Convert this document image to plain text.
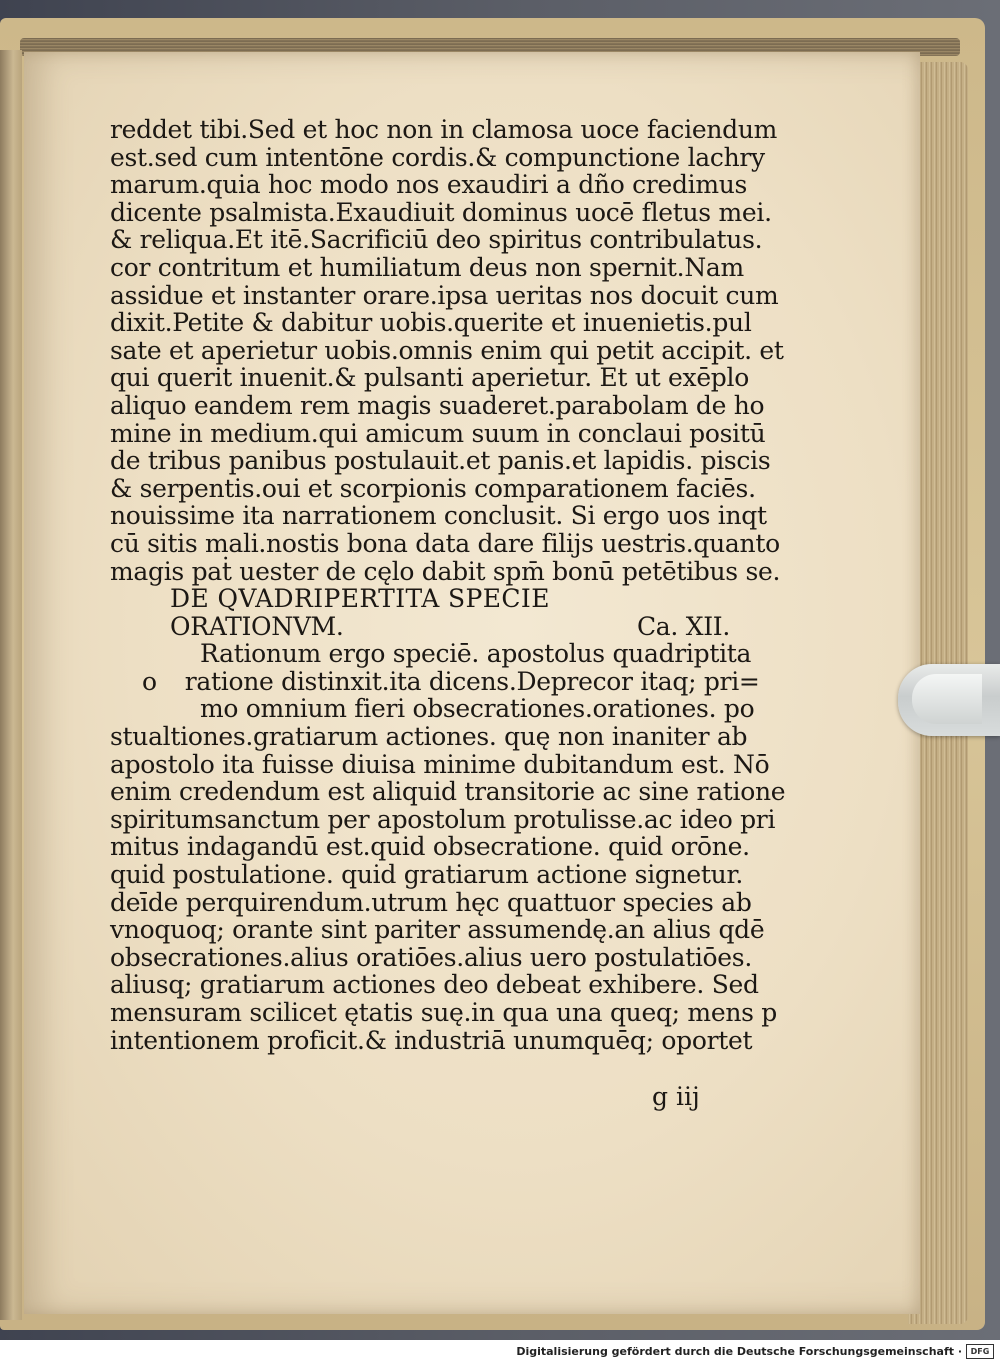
reddet tibi.Sed et hoc non in clamosa uoce faciendum
est.sed cum intentōne cordis.& compunctione lachry
marum.quia hoc modo nos exaudiri a dño credimus
dicente psalmista.Exaudiuit dominus uocē fletus mei.
& reliqua.Et itē.Sacrificiū deo spiritus contribulatus.
cor contritum et humiliatum deus non spernit.Nam
assidue et instanter orare.ipsa ueritas nos docuit cum
dixit.Petite & dabitur uobis.querite et inuenietis.pul
sate et aperietur uobis.omnis enim qui petit accipit. et
qui querit inuenit.& pulsanti aperietur. Et ut exēplo
aliquo eandem rem magis suaderet.parabolam de ho
mine in medium.qui amicum suum in conclaui positū
de tribus panibus postulauit.et panis.et lapidis. piscis
& serpentis.oui et scorpionis comparationem faciēs.
nouissime ita narrationem conclusit. Si ergo uos inqt
cū sitis mali.nostis bona data dare filijs uestris.quanto
magis paṫ uester de cęlo dabit spm̄ bonū petētibus se.
DE QVADRIPERTITA SPECIE
ORATIONVM.	Ca. XII.
Rationum ergo speciē. apostolus quadriptita
o	ratione distinxit.ita dicens.Deprecor itaq; pri=
mo omnium fieri obsecrationes.orationes. po
stualtiones.gratiarum actiones. quę non inaniter ab
apostolo ita fuisse diuisa minime dubitandum est. Nō
enim credendum est aliquid transitorie ac sine ratione
spiritumsanctum per apostolum protulisse.ac ideo pri
mitus indagandū est.quid obsecratione. quid orōne.
quid postulatione. quid gratiarum actione signetur.
deīde perquirendum.utrum hęc quattuor species ab
vnoquoq; orante sint pariter assumendę.an alius qdē
obsecrationes.alius oratiōes.alius uero postulatiōes.
aliusq; gratiarum actiones deo debeat exhibere. Sed
mensuram scilicet ętatis suę.in qua una queq; mens p
intentionem proficit.& industriā unumquēq; oportet
g iij
Digitalisierung gefördert durch die Deutsche Forschungsgemeinschaft ·	DFG
